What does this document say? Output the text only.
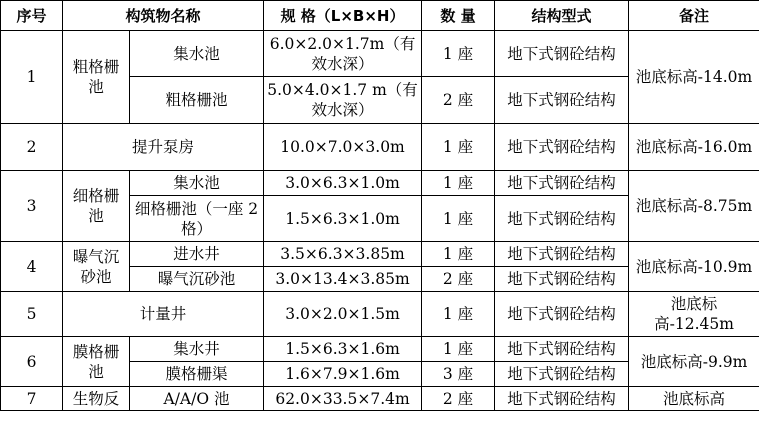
序号	构筑物名称		规 格（L×B×H）	数 量	结构型式	备注
1	粗格栅池	集水池	6.0×2.0×1.7m（有效水深）	1 座	地下式钢砼结构	池底标高-14.0m
		粗格栅池	5.0×4.0×1.7 m（有效水深）	2 座	地下式钢砼结构	
2	提升泵房		10.0×7.0×3.0m	1 座	地下式钢砼结构	池底标高-16.0m
3	细格栅池	集水池	3.0×6.3×1.0m	1 座	地下式钢砼结构	池底标高-8.75m
		细格栅池（一座 2 格）	1.5×6.3×1.0m	1 座	地下式钢砼结构	
4	曝气沉砂池	进水井	3.5×6.3×3.85m	1 座	地下式钢砼结构	池底标高-10.9m
		曝气沉砂池	3.0×13.4×3.85m	2 座	地下式钢砼结构	
5	计量井		3.0×2.0×1.5m	1 座	地下式钢砼结构	池底标高-12.45m
6	膜格栅池	集水井	1.5×6.3×1.6m	1 座	地下式钢砼结构	池底标高-9.9m
		膜格栅渠	1.6×7.9×1.6m	3 座	地下式钢砼结构	
7	生物反	A/A/O 池	62.0×33.5×7.4m	2 座	地下式钢砼结构	池底标高
